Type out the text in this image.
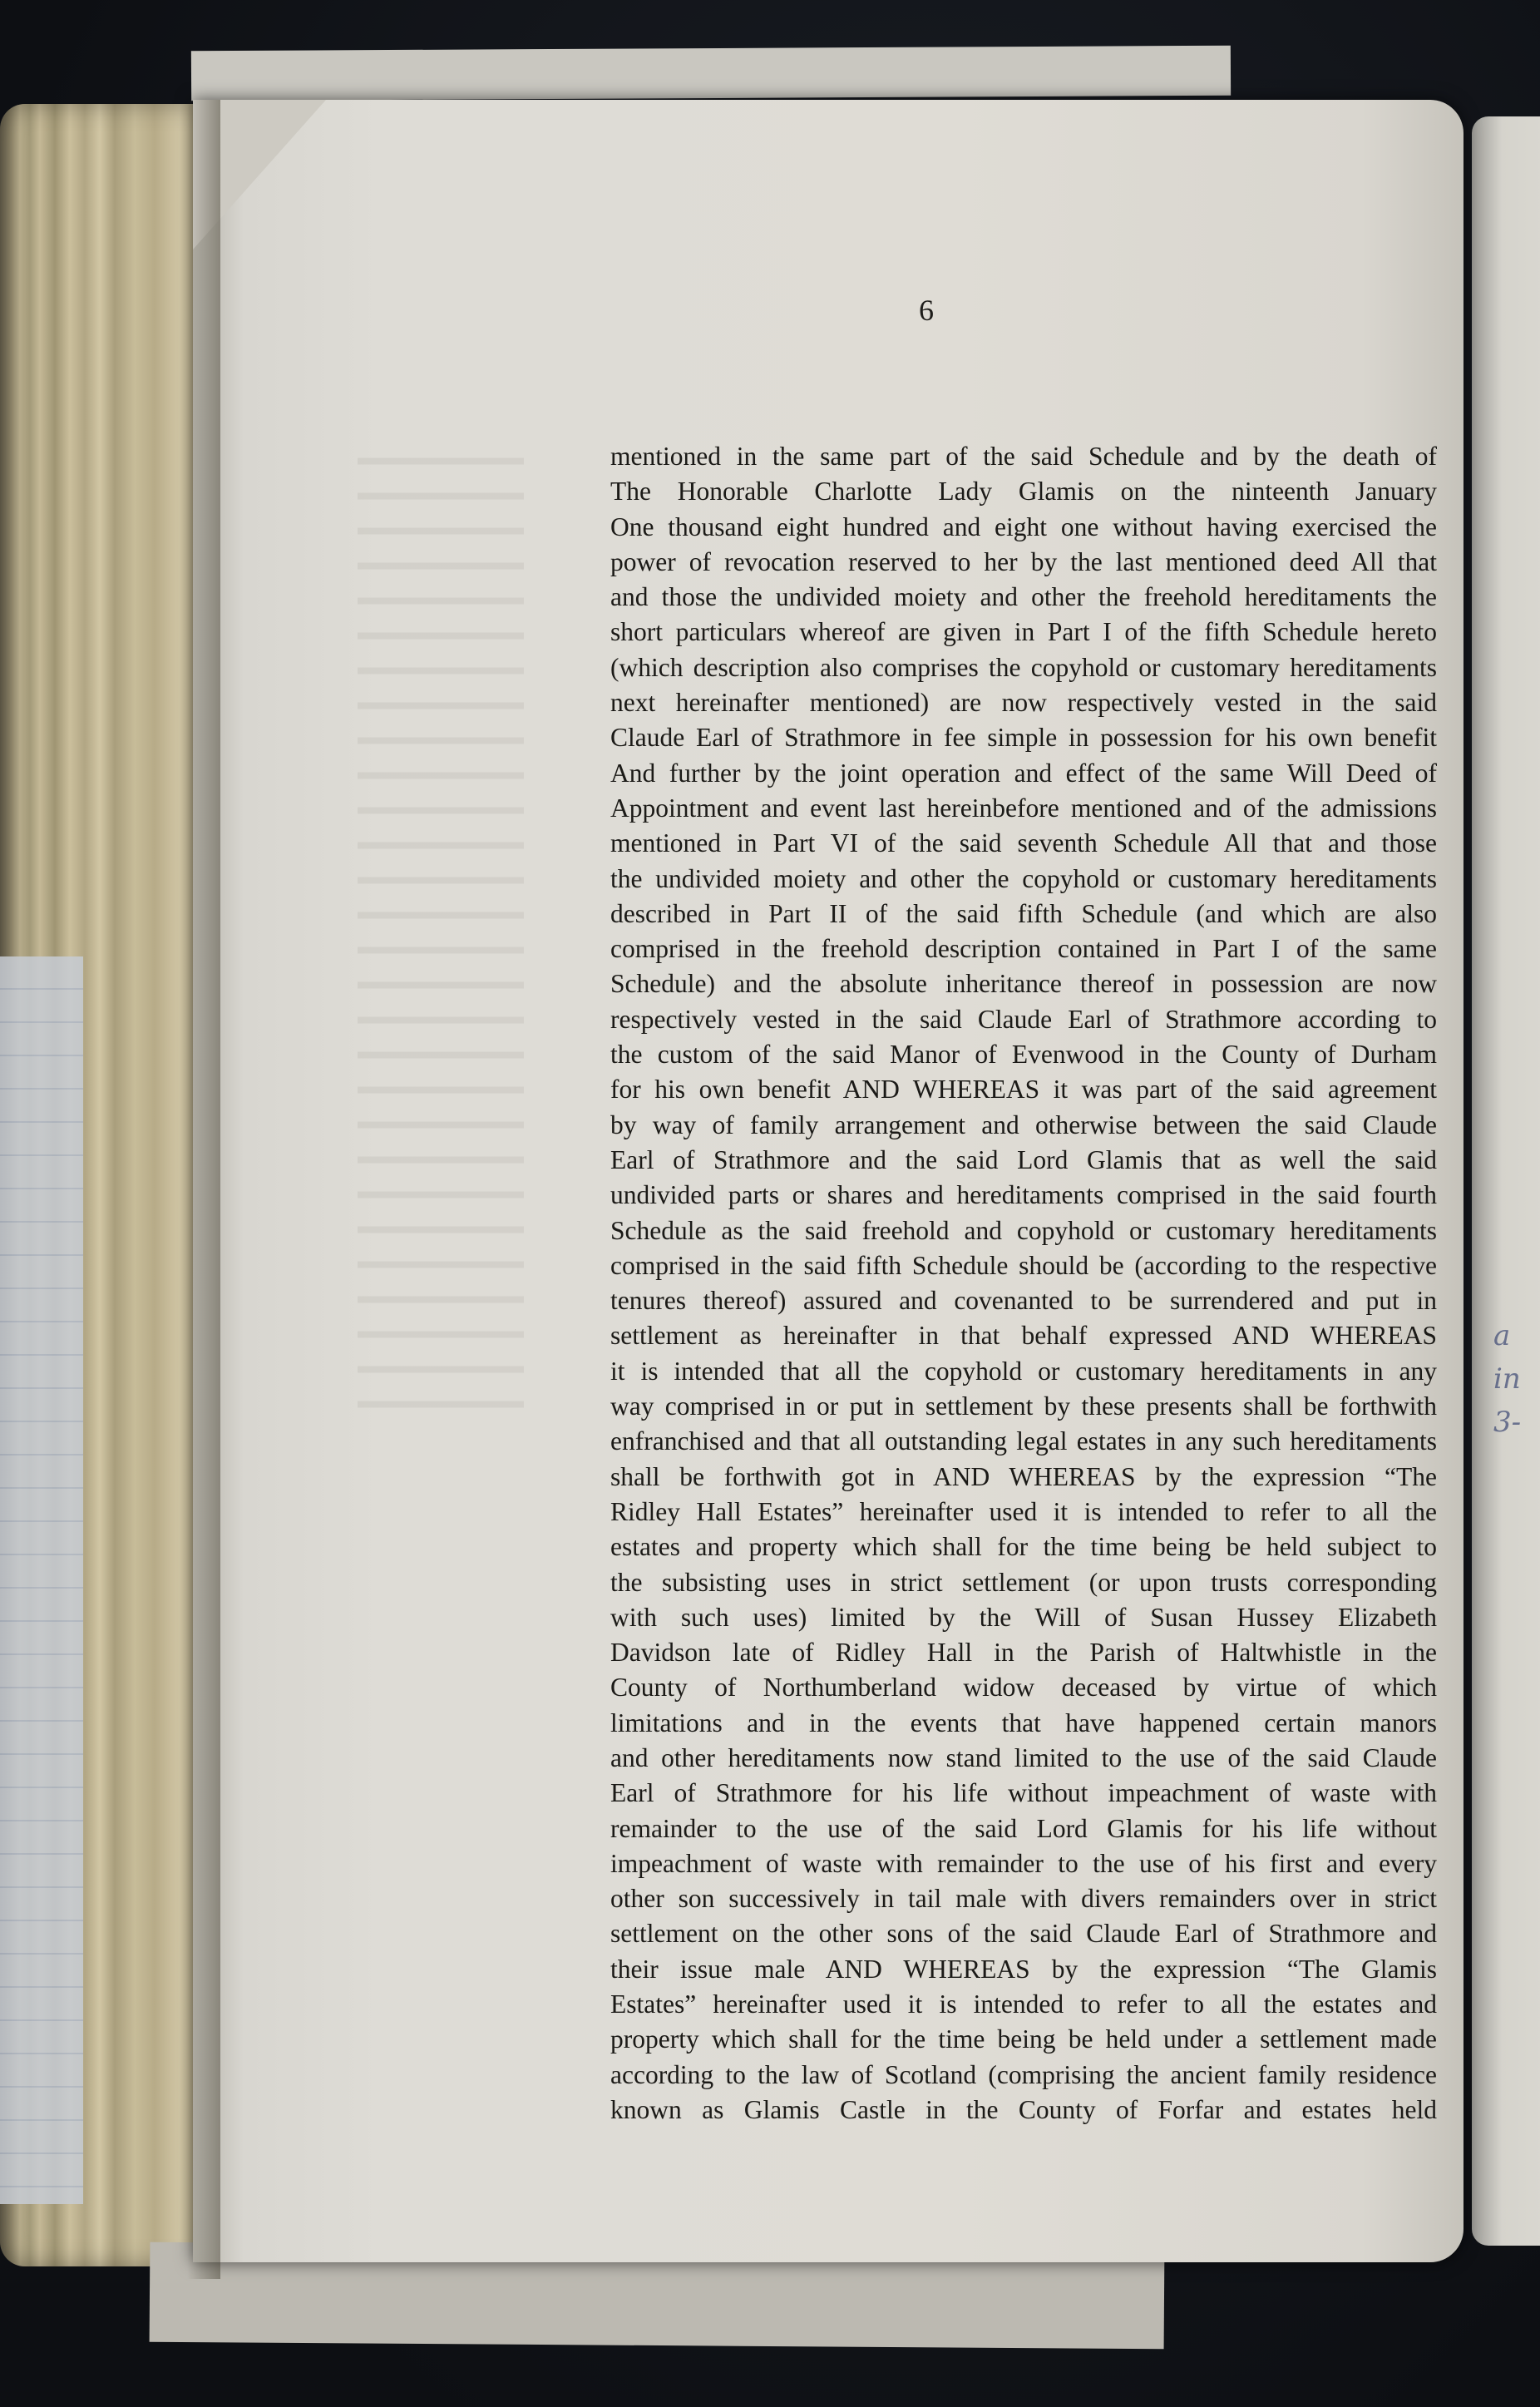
6
mentioned in the same part of the said Schedule and by the death of
The Honorable Charlotte Lady Glamis on the ninteenth January
One thousand eight hundred and eight one without having exercised the
power of revocation reserved to her by the last mentioned deed All that
and those the undivided moiety and other the freehold hereditaments the
short particulars whereof are given in Part I of the fifth Schedule hereto
(which description also comprises the copyhold or customary hereditaments
next hereinafter mentioned) are now respectively vested in the said
Claude Earl of Strathmore in fee simple in possession for his own benefit
And further by the joint operation and effect of the same Will Deed of
Appointment and event last hereinbefore mentioned and of the admissions
mentioned in Part VI of the said seventh Schedule All that and those
the undivided moiety and other the copyhold or customary hereditaments
described in Part II of the said fifth Schedule (and which are also
comprised in the freehold description contained in Part I of the same
Schedule) and the absolute inheritance thereof in possession are now
respectively vested in the said Claude Earl of Strathmore according to
the custom of the said Manor of Evenwood in the County of Durham
for his own benefit AND WHEREAS it was part of the said agreement
by way of family arrangement and otherwise between the said Claude
Earl of Strathmore and the said Lord Glamis that as well the said
undivided parts or shares and hereditaments comprised in the said fourth
Schedule as the said freehold and copyhold or customary hereditaments
comprised in the said fifth Schedule should be (according to the respective
tenures thereof) assured and covenanted to be surrendered and put in
settlement as hereinafter in that behalf expressed AND WHEREAS
it is intended that all the copyhold or customary hereditaments in any
way comprised in or put in settlement by these presents shall be forthwith
enfranchised and that all outstanding legal estates in any such hereditaments
shall be forthwith got in AND WHEREAS by the expression “The
Ridley Hall Estates” hereinafter used it is intended to refer to all the
estates and property which shall for the time being be held subject to
the subsisting uses in strict settlement (or upon trusts corresponding
with such uses) limited by the Will of Susan Hussey Elizabeth
Davidson late of Ridley Hall in the Parish of Haltwhistle in the
County of Northumberland widow deceased by virtue of which
limitations and in the events that have happened certain manors
and other hereditaments now stand limited to the use of the said Claude
Earl of Strathmore for his life without impeachment of waste with
remainder to the use of the said Lord Glamis for his life without
impeachment of waste with remainder to the use of his first and every
other son successively in tail male with divers remainders over in strict
settlement on the other sons of the said Claude Earl of Strathmore and
their issue male AND WHEREAS by the expression “The Glamis
Estates” hereinafter used it is intended to refer to all the estates and
property which shall for the time being be held under a settlement made
according to the law of Scotland (comprising the ancient family residence
known as Glamis Castle in the County of Forfar and estates held
a
in
3-
